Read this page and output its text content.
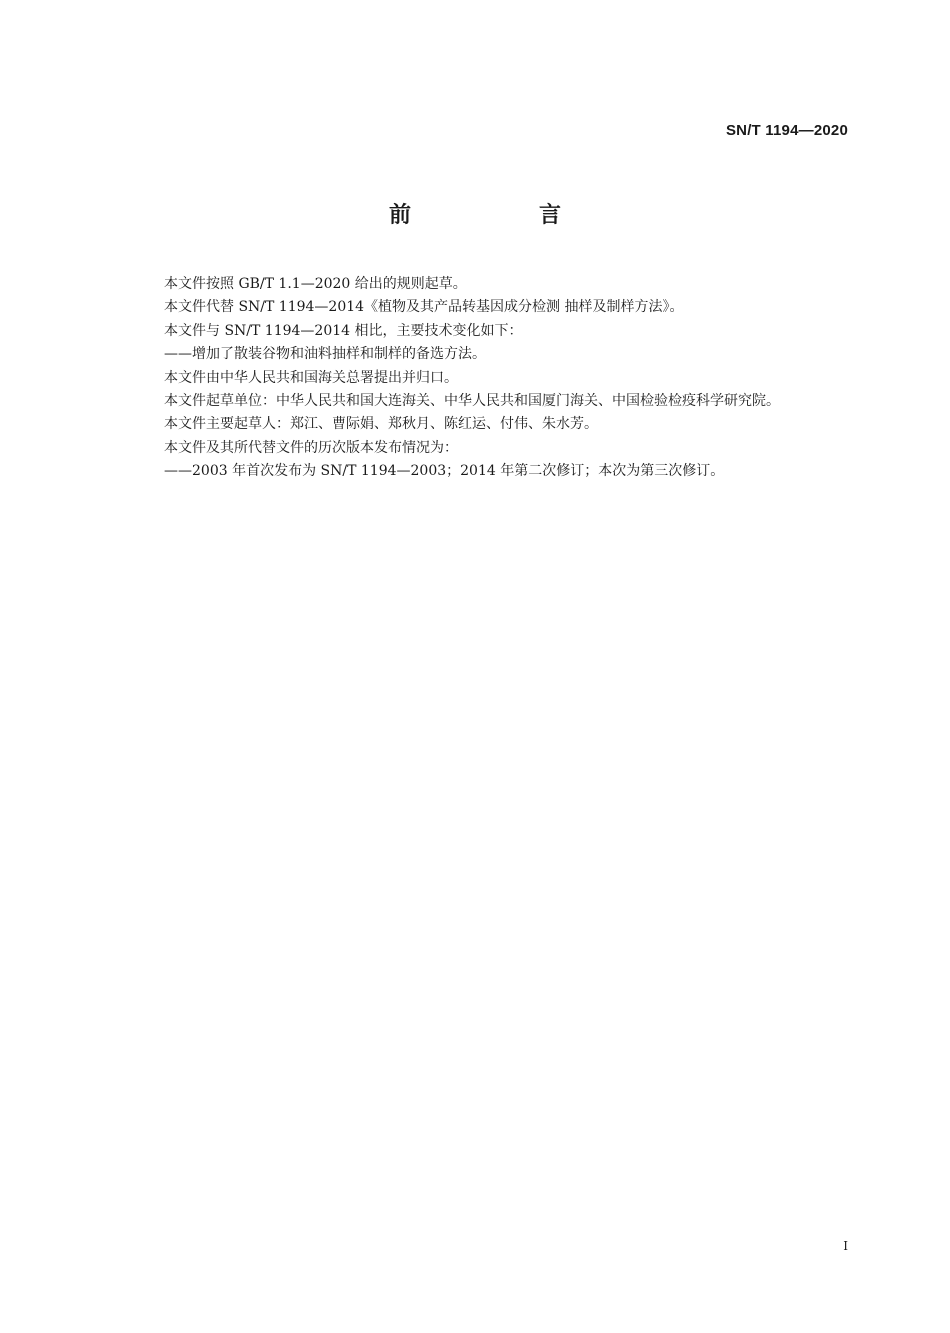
SN/T 1194—2020
前　言

本文件按照 GB/T 1.1—2020 给出的规则起草。

本文件代替 SN/T 1194—2014《植物及其产品转基因成分检测 抽样及制样方法》。

本文件与 SN/T 1194—2014 相比，主要技术变化如下：

——增加了散装谷物和油料抽样和制样的备选方法。

本文件由中华人民共和国海关总署提出并归口。

本文件起草单位：中华人民共和国大连海关、中华人民共和国厦门海关、中国检验检疫科学研究院。

本文件主要起草人：郑江、曹际娟、郑秋月、陈红运、付伟、朱水芳。

本文件及其所代替文件的历次版本发布情况为：

——2003 年首次发布为 SN/T 1194—2003；2014 年第二次修订；本次为第三次修订。

I
